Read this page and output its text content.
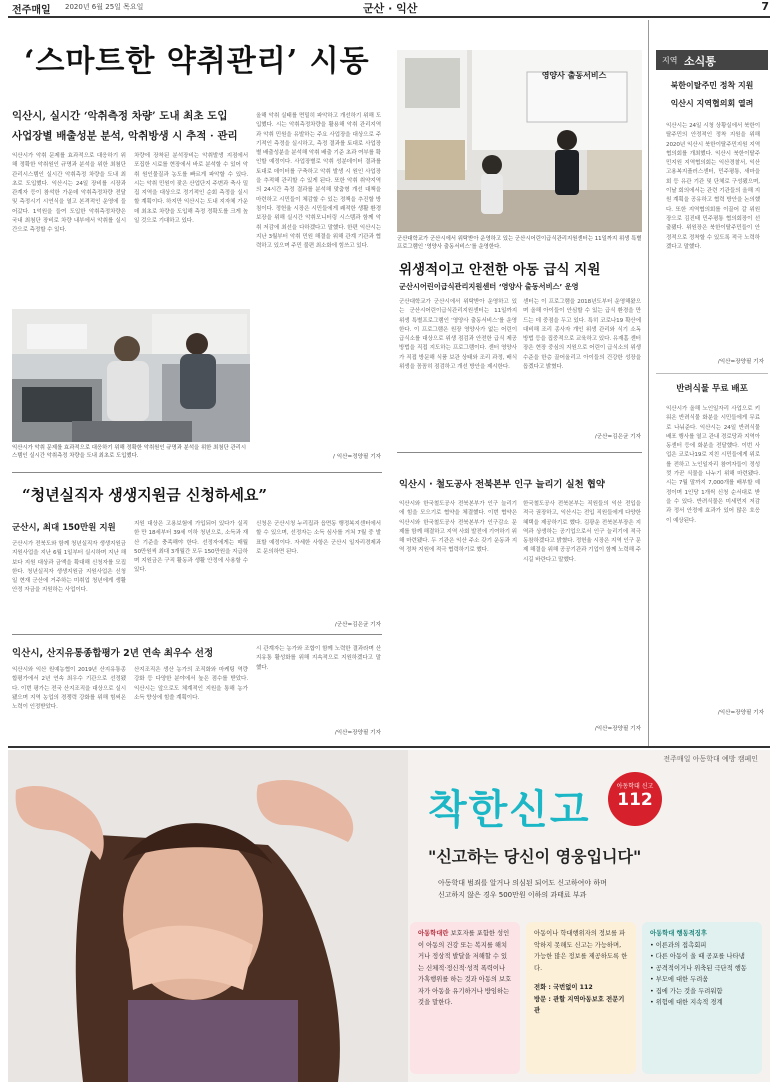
전주매일 2020년 6월 25일 목요일	군산 · 익산	7
‘스마트한 약취관리’ 시동
익산시, 실시간 ‘악취측정 차량’ 도내 최초 도입
사업장별 배출성분 분석, 악취방생 시 추적 · 관리
익산시가 악취 문제를 효과적으로 대응하기 위해 정확한 악취원인 규명과 분석을 위한 최첨단 관리시스템인 실시간 악취측정 차량을 도내 최초로 도입했다. 익산시는 24일 장비를 시장과 관계자 등이 참석한 가운데 악취측정차량 전달 및 측정시기 시연식을 열고 본격적인 운영에 들어갔다. 1억원을 들여 도입한 악취측정차량은 국내 최첨단 장비로 차량 내부에서 악취를 실시간으로 측정할 수 있다.
차량에 장착된 분석장비는 악취발생 지점에서 포집한 시료를 현장에서 바로 분석할 수 있어 악취 원인물질과 농도를 빠르게 파악할 수 있다. 시는 악취 민원이 잦은 산업단지 주변과 축사 밀집 지역을 대상으로 정기적인 순회 측정을 실시할 계획이다. 하지만 익산시는 도내 지자체 가운데 최초로 차량을 도입해 측정 정확도를 크게 높일 것으로 기대하고 있다.
올해 악취 실태를 면밀히 파악하고 개선하기 위해 도입했다. 시는 악취측정차량을 활용해 악취 관리지역과 악취 민원을 유발하는 주요 사업장을 대상으로 주기적인 측정을 실시하고, 측정 결과를 토대로 사업장별 배출성분을 분석해 악취 배출 기준 초과 여부를 확인할 예정이다. 사업장별로 악취 성분데이터 결과를 토대로 데이터를 구축하고 악취 발생 시 원인 사업장을 추적해 관리할 수 있게 된다. 또한 악취 취약지역의 24시간 측정 결과를 분석해 맞춤형 개선 대책을 마련하고 시민들이 체감할 수 있는 정책을 추진할 방침이다. 정헌율 시장은 시민들에게 쾌적한 생활 환경 보장을 위해 실시간 악취모니터링 시스템과 함께 악취 저감에 최선을 다하겠다고 말했다. 한편 익산시는 지난 3월부터 악취 민원 해결을 위해 관계 기관과 협력하고 있으며 주민 불편 최소화에 힘쓰고 있다.
/ 익산=정양필 기자
익산시가 악취 문제를 효과적으로 대응하기 위해 정확한 악취원인 규명과 분석을 위한 최첨단 관리시스템인 실시간 악취측정 차량을 도내 최초로 도입했다.
영양사 출동서비스
군산대학교가 군산시에서 위탁받아 운영하고 있는 군산시어린이급식관리지원센터는 11일까지 위생 특별프로그램인 ‘영양사 출동서비스’를 운영한다.
위생적이고 안전한 아동 급식 지원
군산시어린이급식관리지원센터 ‘영양사 출동서비스’ 운영
군산대학교가 군산시에서 위탁받아 운영하고 있는 군산시어린이급식관리지원센터는 11일까지 위생 특별프로그램인 ‘영양사 출동서비스’를 운영한다. 이 프로그램은 원장 영양사가 없는 어린이 급식소를 대상으로 위생 점검과 안전한 급식 제공 방법을 직접 지도하는 프로그램이다. 센터 영양사가 직접 방문해 식품 보관 상태와 조리 과정, 배식 위생을 꼼꼼히 점검하고 개선 방안을 제시한다.
센터는 이 프로그램을 2018년도부터 운영해왔으며 올해 아이들이 안심할 수 있는 급식 환경을 만드는 데 중점을 두고 있다. 특히 코로나19 확산에 대비해 조리 종사자 개인 위생 관리와 식기 소독 방법 등을 집중적으로 교육하고 있다. 유재흠 센터장은 현장 중심의 지원으로 어린이 급식소의 위생 수준을 한층 끌어올리고 아이들의 건강한 성장을 돕겠다고 밝혔다.
/군산=김은균 기자
지역 소식통
북한이탈주민 정착 지원
익산시 지역협의회 열려
익산시는 24일 시청 상황실에서 북한이탈주민의 안정적인 정착 지원을 위해 2020년 익산시 북한이탈주민지원 지역협의회를 개최했다. 익산시 북한이탈주민지원 지역협의회는 익산경찰서, 익산고용복지플러스센터, 민주평통, 새마을회 등 유관 기관 및 단체로 구성됐으며, 이날 회의에서는 관련 기관들의 올해 지원 계획을 공유하고 협력 방안을 논의했다. 또한 지역협의회를 이끌어 갈 위원장으로 김진태 민주평통 협의회장이 선출됐다. 위원장은 북한이탈주민들이 안정적으로 정착할 수 있도록 적극 노력하겠다고 말했다.
/익산=장양필 기자
반려식물 무료 배포
익산시가 올해 노인일자리 사업으로 키워온 반려식물 화분을 시민들에게 무료로 나눠준다. 익산시는 24일 반려식물 배포 행사를 열고 관내 경로당과 지역아동센터 등에 화분을 전달했다. 이번 사업은 코로나19로 지친 시민들에게 위로를 전하고 노인일자리 참여자들이 정성껏 가꾼 식물을 나누기 위해 마련됐다. 시는 7월 말까지 7,000개를 배부할 예정이며 1인당 1개씩 신청 순서대로 받을 수 있다. 반려식물은 미세먼지 저감과 정서 안정에 효과가 있어 많은 호응이 예상된다.
/익산=장양필 기자
“청년실직자 생생지원금 신청하세요”
군산시, 최대 150만원 지원
군산시가 전북도와 함께 청년실직자 생생지원금 지원사업을 지난 6월 1일부터 실시하며 지난 해보다 지원 대상과 금액을 확대해 신청자를 모집한다. 청년실직자 생생지원금 지원사업은 신청일 현재 군산에 거주하는 미취업 청년에게 생활 안정 자금을 지원하는 사업이다.
지원 대상은 고용보험에 가입되어 있다가 실직한 만 18세부터 39세 이하 청년으로, 소득과 재산 기준을 충족해야 한다. 선정자에게는 매월 50만원씩 최대 3개월간 모두 150만원을 지급하며 지원금은 구직 활동과 생활 안정에 사용할 수 있다.
신청은 군산시청 누리집과 읍면동 행정복지센터에서 할 수 있으며, 선정자는 소득 심사를 거쳐 7월 중 발표할 예정이다. 자세한 사항은 군산시 일자리경제과로 문의하면 된다.
/군산=김은균 기자
익산시, 산지유통종합평가 2년 연속 최우수 선정
익산시와 익산 원예농협이 2019년 산지유통종합평가에서 2년 연속 최우수 기관으로 선정됐다. 이번 평가는 전국 산지조직을 대상으로 실시됐으며 지역 농업의 경쟁력 강화를 위해 힘써온 노력이 인정받았다.
산지조직은 생산 농가의 조직화와 마케팅 역량 강화 등 다양한 분야에서 높은 점수를 받았다. 익산시는 앞으로도 체계적인 지원을 통해 농가 소득 향상에 힘쓸 계획이다.
시 관계자는 농가와 조합이 함께 노력한 결과라며 산지유통 활성화를 위해 지속적으로 지원하겠다고 말했다.
/익산=장양필 기자
익산시 · 철도공사 전북본부 인구 늘리기 실천 협약
익산시와 한국철도공사 전북본부가 인구 늘리기에 힘을 모으기로 협약을 체결했다. 이번 협약은 익산시와 한국철도공사 전북본부가 인구감소 문제를 함께 해결하고 지역 사회 발전에 기여하기 위해 마련됐다. 두 기관은 익산 주소 갖기 운동과 지역 정착 지원에 적극 협력하기로 했다.
한국철도공사 전북본부는 직원들의 익산 전입을 적극 권장하고, 익산시는 전입 직원들에게 다양한 혜택을 제공하기로 했다. 김광운 전북본부장은 지역과 상생하는 공기업으로서 인구 늘리기에 적극 동참하겠다고 밝혔다. 정헌율 시장은 지역 인구 문제 해결을 위해 공공기관과 기업이 함께 노력해 주시길 바란다고 말했다.
/익산=장양필 기자
전주매일 아동학대 예방 캠페인
착한신고
아동학대 신고
112
"신고하는 당신이 영웅입니다"
아동학대 범죄를 알거나 의심된 되어도 신고하여야 하며
신고하지 않은 경우 500만원 이하의 과태료 부과
아동학대란 보호자를 포함한 성인이 아동의 건강 또는 복지를 해치거나 정상적 발달을 저해할 수 있는 신체적·정신적·성적 폭력이나 가혹행위를 하는 것과 아동의 보호자가 아동을 유기하거나 방임하는 것을 말한다.
아동이나 학대행위자의 정보를 파악하지 못해도 신고는 가능하며, 가능한 많은 정보를 제공하도록 한다.
전화 : 국번없이 112
방문 : 관할 지역아동보호 전문기관
아동학대 행동적징후
• 이른과의 접촉회피
• 다른 아동이 울 때 공포를 나타냄
• 공격적이거나 위축된 극단적 행동
• 부모에 대한 두려움
• 집에 가는 것을 두려워함
• 위험에 대한 지속적 경계
